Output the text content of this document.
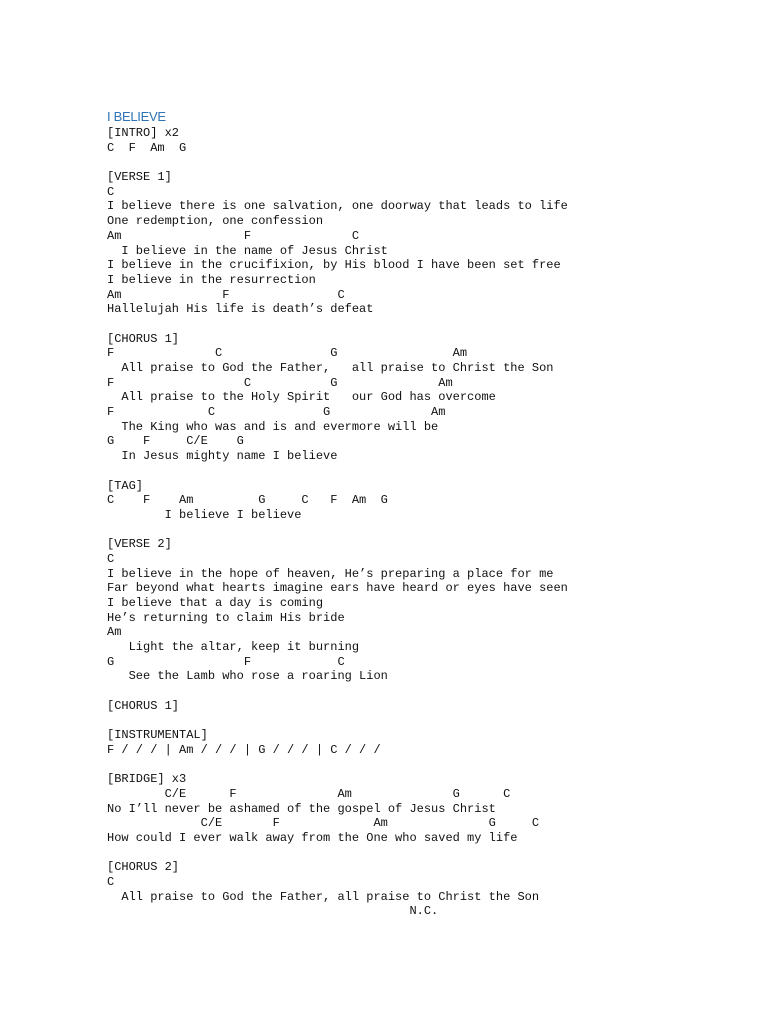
I BELIEVE
[INTRO] x2
C  F  Am  G
[VERSE 1]
C
I believe there is one salvation, one doorway that leads to life
One redemption, one confession
Am                 F              C
I believe in the name of Jesus Christ
I believe in the crucifixion, by His blood I have been set free
I believe in the resurrection
Am              F               C
Hallelujah His life is death’s defeat
[CHORUS 1]
F              C               G                Am
All praise to God the Father,   all praise to Christ the Son
F                  C           G              Am
All praise to the Holy Spirit   our God has overcome
F             C               G              Am
The King who was and is and evermore will be
G    F     C/E    G
In Jesus mighty name I believe
[TAG]
C    F    Am         G     C   F  Am  G
I believe I believe
[VERSE 2]
C
I believe in the hope of heaven, He’s preparing a place for me
Far beyond what hearts imagine ears have heard or eyes have seen
I believe that a day is coming
He’s returning to claim His bride
Am
Light the altar, keep it burning
G                  F            C
See the Lamb who rose a roaring Lion
[CHORUS 1]
[INSTRUMENTAL]
F / / / | Am / / / | G / / / | C / / /
[BRIDGE] x3
C/E      F              Am              G      C
No I’ll never be ashamed of the gospel of Jesus Christ
C/E       F             Am              G     C
How could I ever walk away from the One who saved my life
[CHORUS 2]
C
All praise to God the Father, all praise to Christ the Son
N.C.
